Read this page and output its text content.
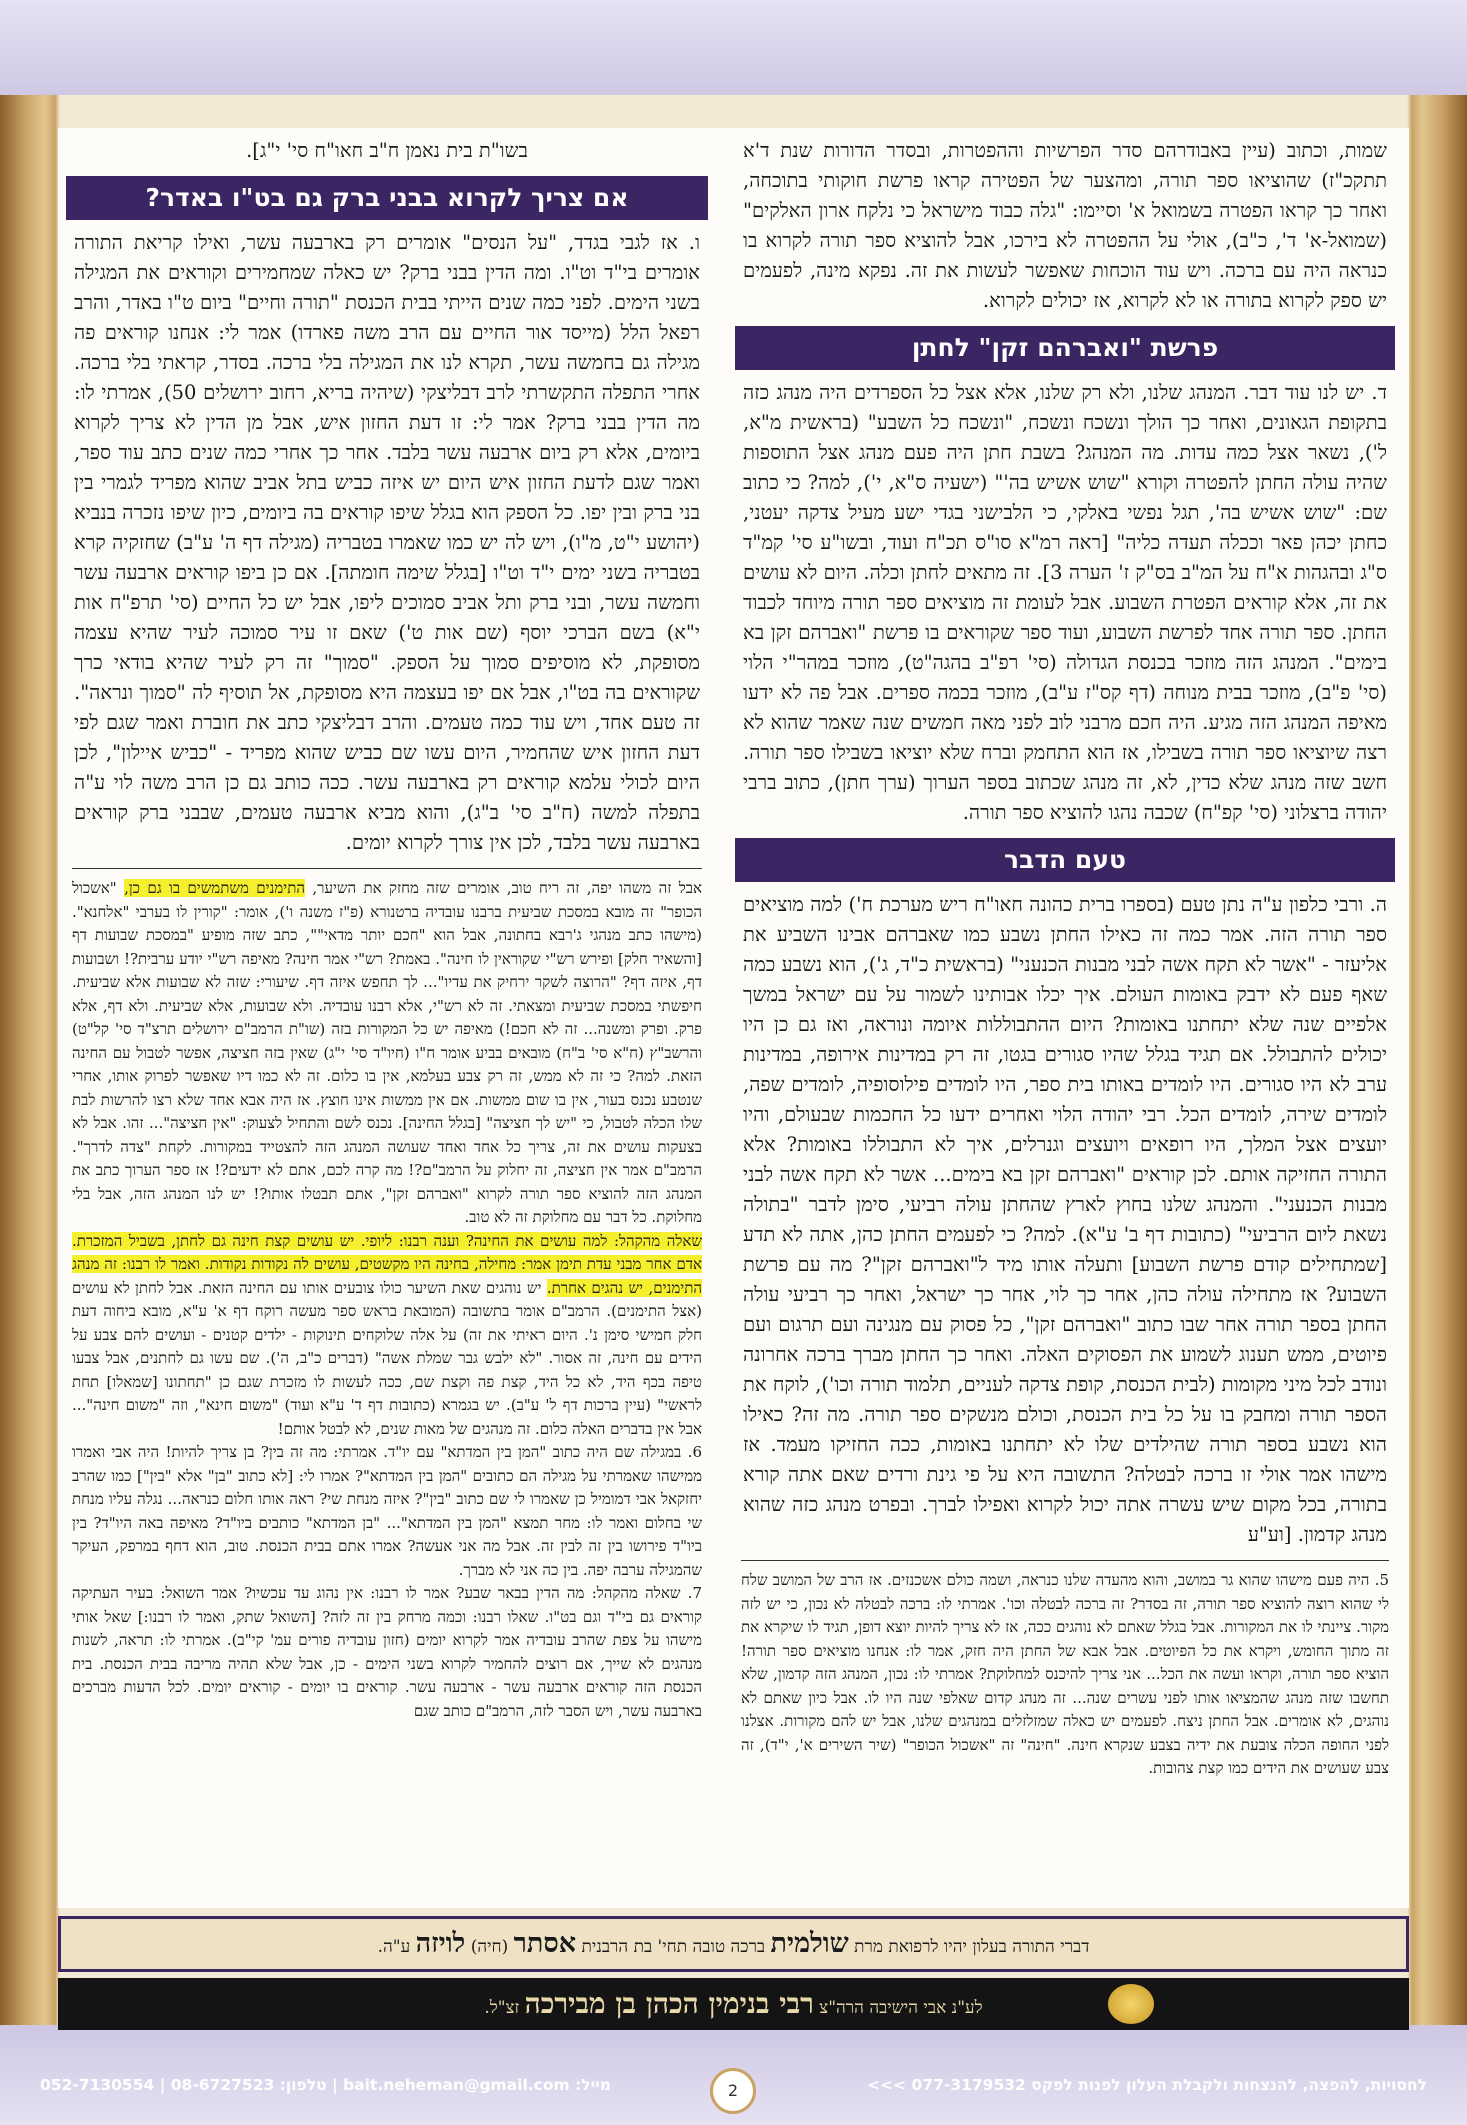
שמות, וכתוב (עיין באבודרהם סדר הפרשיות וההפטרות, ובסדר הדורות שנת ד'א תתקכ"ז) שהוציאו ספר תורה, ומהצער של הפטירה קראו פרשת חוקותי בתוכחה, ואחר כך קראו הפטרה בשמואל א' וסיימו: "גלה כבוד מישראל כי נלקח ארון האלקים" (שמואל-א' ד', כ"ב), אולי על ההפטרה לא בירכו, אבל להוציא ספר תורה לקרוא בו כנראה היה עם ברכה. ויש עוד הוכחות שאפשר לעשות את זה. נפקא מינה, לפעמים יש ספק לקרוא בתורה או לא לקרוא, אז יכולים לקרוא.

פרשת "ואברהם זקן" לחתן

ד. יש לנו עוד דבר. המנהג שלנו, ולא רק שלנו, אלא אצל כל הספרדים היה מנהג כזה בתקופת הגאונים, ואחר כך הולך ונשכח ונשכח, "ונשכח כל השבע" (בראשית מ"א, ל'), נשאר אצל כמה עדות. מה המנהג? בשבת חתן היה פעם מנהג אצל התוספות שהיה עולה החתן להפטרה וקורא "שוש אשיש בה'" (ישעיה ס"א, י'), למה? כי כתוב שם: "שוש אשיש בה', תגל נפשי באלקי, כי הלבישני בגדי ישע מעיל צדקה יעטני, כחתן יכהן פאר וככלה תעדה כליה" [ראה רמ"א סו"ס תכ"ח ועוד, ובשו"ע סי' קמ"ד ס"ג ובהגהות א"ח על המ"ב בס"ק ז' הערה 3]. זה מתאים לחתן וכלה. היום לא עושים את זה, אלא קוראים הפטרת השבוע. אבל לעומת זה מוציאים ספר תורה מיוחד לכבוד החתן. ספר תורה אחד לפרשת השבוע, ועוד ספר שקוראים בו פרשת "ואברהם זקן בא בימים". המנהג הזה מוזכר בכנסת הגדולה (סי' רפ"ב בהגה"ט), מוזכר במהר"י הלוי (סי' פ"ב), מוזכר בבית מנוחה (דף קס"ז ע"ב), מוזכר בכמה ספרים. אבל פה לא ידעו מאיפה המנהג הזה מגיע. היה חכם מרבני לוב לפני מאה חמשים שנה שאמר שהוא לא רצה שיוציאו ספר תורה בשבילו, אז הוא התחמק וברח שלא יוציאו בשבילו ספר תורה. חשב שזה מנהג שלא כדין, לא, זה מנהג שכתוב בספר הערוך (ערך חתן), כתוב ברבי יהודה ברצלוני (סי' קפ"ח) שכבה נהגו להוציא ספר תורה.

טעם הדבר

ה. ורבי כלפון ע"ה נתן טעם (בספרו ברית כהונה חאו"ח ריש מערכת ח') למה מוציאים ספר תורה הזה. אמר כמה זה כאילו החתן נשבע כמו שאברהם אבינו השביע את אליעזר - "אשר לא תקח אשה לבני מבנות הכנעני" (בראשית כ"ד, ג'), הוא נשבע כמה שאף פעם לא ידבק באומות העולם. איך יכלו אבותינו לשמור על עם ישראל במשך אלפיים שנה שלא יתחתנו באומות? היום ההתבוללות איומה ונוראה, ואז גם כן היו יכולים להתבולל. אם תגיד בגלל שהיו סגורים בגטו, זה רק במדינות אירופה, במדינות ערב לא היו סגורים. היו לומדים באותו בית ספר, היו לומדים פילוסופיה, לומדים שפה, לומדים שירה, לומדים הכל. רבי יהודה הלוי ואחרים ידעו כל החכמות שבעולם, והיו יועצים אצל המלך, היו רופאים ויועצים וגנרלים, איך לא התבוללו באומות? אלא התורה החזיקה אותם. לכן קוראים "ואברהם זקן בא בימים... אשר לא תקח אשה לבני מבנות הכנעני". והמנהג שלנו בחוץ לארץ שהחתן עולה רביעי, סימן לדבר "בתולה נשאת ליום הרביעי" (כתובות דף ב' ע"א). למה? כי לפעמים החתן כהן, אתה לא תדע [שמתחילים קודם פרשת השבוע] ותעלה אותו מיד ל"ואברהם זקן"? מה עם פרשת השבוע? אז מתחילה עולה כהן, אחר כך לוי, אחר כך ישראל, ואחר כך רביעי עולה החתן בספר תורה אחר שבו כתוב "ואברהם זקן", כל פסוק עם מנגינה ועם תרגום ועם פיוטים, ממש תענוג לשמוע את הפסוקים האלה. ואחר כך החתן מברך ברכה אחרונה ונודב לכל מיני מקומות (לבית הכנסת, קופת צדקה לעניים, תלמוד תורה וכו'), לוקח את הספר תורה ומחבק בו על כל בית הכנסת, וכולם מנשקים ספר תורה. מה זה? כאילו הוא נשבע בספר תורה שהילדים שלו לא יתחתנו באומות, ככה החזיקו מעמד. אז מישהו אמר אולי זו ברכה לבטלה? התשובה היא על פי גינת ורדים שאם אתה קורא בתורה, בכל מקום שיש עשרה אתה יכול לקרוא ואפילו לברך. ובפרט מנהג כזה שהוא מנהג קדמון. [וע"ע

5. היה פעם מישהו שהוא גר במושב, והוא מהעדה שלנו כנראה, ושמה כולם אשכנזים. אז הרב של המושב שלח לי שהוא רוצה להוציא ספר תורה, זה בסדר? זה ברכה לבטלה וכו'. אמרתי לו: ברכה לבטלה לא נכון, כי יש לזה מקור. ציינתי לו את המקורות. אבל בגלל שאתם לא נוהגים ככה, אז לא צריך להיות יוצא דופן, תגיד לו שיקרא את זה מתוך החומש, ויקרא את כל הפיוטים. אבל אבא של החתן היה חזק, אמר לו: אנחנו מוציאים ספר תורה! הוציא ספר תורה, וקראו ועשה את הכל... אני צריך להיכנס למחלוקת? אמרתי לו: נכון, המנהג הזה קדמון, שלא תחשבו שזה מנהג שהמציאו אותו לפני עשרים שנה... זה מנהג קדום שאלפי שנה היו לו. אבל כיון שאתם לא נוהגים, לא אומרים. אבל החתן ניצח. לפעמים יש כאלה שמזלזלים במנהגים שלנו, אבל יש להם מקורות. אצלנו לפני החופה הכלה צובעת את ידיה בצבע שנקרא חינה. "חינה" זה "אשכול הכופר" (שיר השירים א', י"ד), זה צבע שעושים את הידים כמו קצת צהובות.

בשו"ת בית נאמן ח"ב חאו"ח סי' י"ג].

אם צריך לקרוא בבני ברק גם בט"ו באדר?

ו. אז לגבי בגדד, "על הנסים" אומרים רק בארבעה עשר, ואילו קריאת התורה אומרים בי"ד וט"ו. ומה הדין בבני ברק? יש כאלה שמחמירים וקוראים את המגילה בשני הימים. לפני כמה שנים הייתי בבית הכנסת "תורה וחיים" ביום ט"ו באדר, והרב רפאל הלל (מייסד אור החיים עם הרב משה פארדו) אמר לי: אנחנו קוראים פה מגילה גם בחמשה עשר, תקרא לנו את המגילה בלי ברכה. בסדר, קראתי בלי ברכה. אחרי התפלה התקשרתי לרב דבליצקי (שיהיה בריא, רחוב ירושלים 50), אמרתי לו: מה הדין בבני ברק? אמר לי: זו דעת החזון איש, אבל מן הדין לא צריך לקרוא ביומים, אלא רק ביום ארבעה עשר בלבד. אחר כך אחרי כמה שנים כתב עוד ספר, ואמר שגם לדעת החזון איש היום יש איזה כביש בתל אביב שהוא מפריד לגמרי בין בני ברק ובין יפו. כל הספק הוא בגלל שיפו קוראים בה ביומים, כיון שיפו נזכרה בנביא (יהושע י"ט, מ"ו), ויש לה יש כמו שאמרו בטבריה (מגילה דף ה' ע"ב) שחזקיה קרא בטבריה בשני ימים י"ד וט"ו [בגלל שימה חומתה]. אם כן ביפו קוראים ארבעה עשר וחמשה עשר, ובני ברק ותל אביב סמוכים ליפו, אבל יש כל החיים (סי' תרפ"ח אות י"א) בשם הברכי יוסף (שם אות ט') שאם זו עיר סמוכה לעיר שהיא עצמה מסופקת, לא מוסיפים סמוך על הספק. "סמוך" זה רק לעיר שהיא בודאי כרך שקוראים בה בט"ו, אבל אם יפו בעצמה היא מסופקת, אל תוסיף לה "סמוך ונראה". זה טעם אחד, ויש עוד כמה טעמים. והרב דבליצקי כתב את חוברת ואמר שגם לפי דעת החזון איש שהחמיר, היום עשו שם כביש שהוא מפריד - "כביש איילון", לכן היום לכולי עלמא קוראים רק בארבעה עשר. ככה כותב גם כן הרב משה לוי ע"ה בתפלה למשה (ח"ב סי' ב"ג), והוא מביא ארבעה טעמים, שבבני ברק קוראים בארבעה עשר בלבד, לכן אין צורך לקרוא יומים.

אבל זה משהו יפה, זה ריח טוב, אומרים שזה מחזק את השיער, התימנים משתמשים בו גם כן, "אשכול הכופר" זה מובא במסכת שביעית ברבנו עובדיה ברטנורא (פ"ז משנה ו'), אומר: "קורין לו בערבי "אלחנא". (מישהו כתב מנהגי ג'רבא בחתונה, אבל הוא "חכם יותר מדאי"", כתב שזה מופיע "במסכת שבועות דף [והשאיר חלק] ופירש רש"י שקוראין לו חינה". באמת? רש"י אמר חינה? מאיפה רש"י יודע ערבית?! ושבועות דף, איזה דף? "הרוצה לשקר ירחיק את עדיו"... לך תחפש איזה דף. שיעורי: שזה לא שבועות אלא שביעית. חיפשתי במסכת שביעית ומצאתי. זה לא רש"י, אלא רבנו עובדיה. ולא שבועות, אלא שביעית. ולא דף, אלא פרק. ופרק ומשנה... זה לא חכם!) מאיפה יש כל המקורות בזה (שו"ת הרמב"ם ירושלים תרצ"ד סי' קל"ט) והרשב"ץ (ח"א סי' ב"ח) מובאים בביע אומר ח"ו (חיו"ד סי' י"ג) שאין בזה חציצה, אפשר לטבול עם החינה הזאת. למה? כי זה לא ממש, זה רק צבע בעלמא, אין בו כלום. זה לא כמו דיו שאפשר לפרוק אותו, אחרי שנטבע נכנס בעור, אין בו שום ממשות. אם אין ממשות אינו חוצץ. אז היה אבא אחד שלא רצו להרשות לבת שלו הכלה לטבול, כי "יש לך חציצה" [בגלל החינה]. נכנס לשם והתחיל לצעוק: "אין חציצה"... זהו. אבל לא בצעקות עושים את זה, צריך כל אחד ואחד שעושה המנהג הזה להצטייד במקורות. לקחת "צדה לדרך". הרמב"ם אמר אין חציצה, זה יחלוק על הרמב"ם?! מה קרה לכם, אתם לא ידעים?! אז ספר הערוך כתב את המנהג הזה להוציא ספר תורה לקרוא "ואברהם זקן", אתם תבטלו אותו?! יש לנו המנהג הזה, אבל בלי מחלוקת. כל דבר עם מחלוקת זה לא טוב.

שאלה מהקהל: למה עושים את החינה? וענה רבנו: ליופי. יש עושים קצת חינה גם לחתן, בשביל המזכרת. אדם אחר מבני עדת תימן אמר: מחילה, בחינה היו מקשטים, עושים לה נקודות נקודות. ואמר לו רבנו: זה מנהג התימנים, יש נהגים אחרת. יש נוהגים שאת השיער כולו צובעים אותו עם החינה הזאת. אבל לחתן לא עושים (אצל התימנים). הרמב"ם אומר בתשובה (המובאת בראש ספר מעשה רוקח דף א' ע"א, מובא ביחוה דעת חלק חמישי סימן נ'. היום ראיתי את זה) על אלה שלוקחים תינוקות - ילדים קטנים - ועושים להם צבע על הידים עם חינה, זה אסור. "לא ילבש גבר שמלת אשה" (דברים כ"ב, ה'). שם עשו גם לחתנים, אבל צבעו טיפה בכף היד, לא כל היד, קצת פה וקצת שם, ככה לעשות לו מזכרת שגם כן "תחתונו [שמאלו] תחת לראשי" (עיין ברכות דף ל' ע"ב). יש בגמרא (כתובות דף ד' ע"א ועוד) "משום חינא", וזה "משום חינה"... אבל אין בדברים האלה כלום. זה מנהגים של מאות שנים, לא לבטל אותם!

6. במגילה שם היה כתוב "המן בין המדתא" עם יו"ד. אמרתי: מה זה בין? בן צריך להיות! היה אבי ואמרו ממישהו שאמרתי על מגילה הם כתובים "המן בין המדתא"? אמרו לי: [לא כתוב "בן" אלא "בין"] כמו שהרב יחזקאל אבי דמומיל כן שאמרו לי שם כתוב "בין"? איזה מנחת שי? ראה אותו חלום כנראה... נגלה עליו מנחת שי בחלום ואמר לו: מחר תמצא "המן בין המדתא"... "בן המדתא" כותבים ביו"ד? מאיפה באה היו"ד? בין ביו"ד פירושו בין זה לבין זה. אבל מה אני אעשה? אמרו אתם בבית הכנסת. טוב, הוא דחף במרפק, העיקר שהמגילה ערבה יפה. בין כה אני לא מברך.

7. שאלה מהקהל: מה הדין בבאר שבע? אמר לו רבנו: אין נהוג עד עכשיו? אמר השואל: בעיר העתיקה קוראים גם בי"ד וגם בט"ו. שאלו רבנו: וכמה מרחק בין זה לזה? [השואל שתק, ואמר לו רבנו:] שאל אותי מישהו על צפת שהרב עובדיה אמר לקרוא יומים (חזון עובדיה פורים עמ' קי"ב). אמרתי לו: תראה, לשנות מנהגים לא שייך, אם רוצים להחמיר לקרוא בשני הימים - כן, אבל שלא תהיה מריבה בבית הכנסת. בית הכנסת הזה קוראים ארבעה עשר - ארבעה עשר. קוראים בו יומים - קוראים יומים. לכל הדעות מברכים בארבעה עשר, ויש הסבר לזה, הרמב"ם כותב שגם

דברי התורה בעלון יהיו לרפואת מרת שולמית ברכה טובה תחי' בת הרבנית אסתר (חיה) לויזה ע"ה.
לע"נ אבי הישיבה הרה"צ רבי בנימין הכהן בן מבירכה זצ"ל.
לחסויות, להפצה, להנצחות ולקבלת העלון לפנות לפקס 077-3179532 >>>
2
מייל: bait.neheman@gmail.com | טלפון: 08-6727523 | 052-7130554
